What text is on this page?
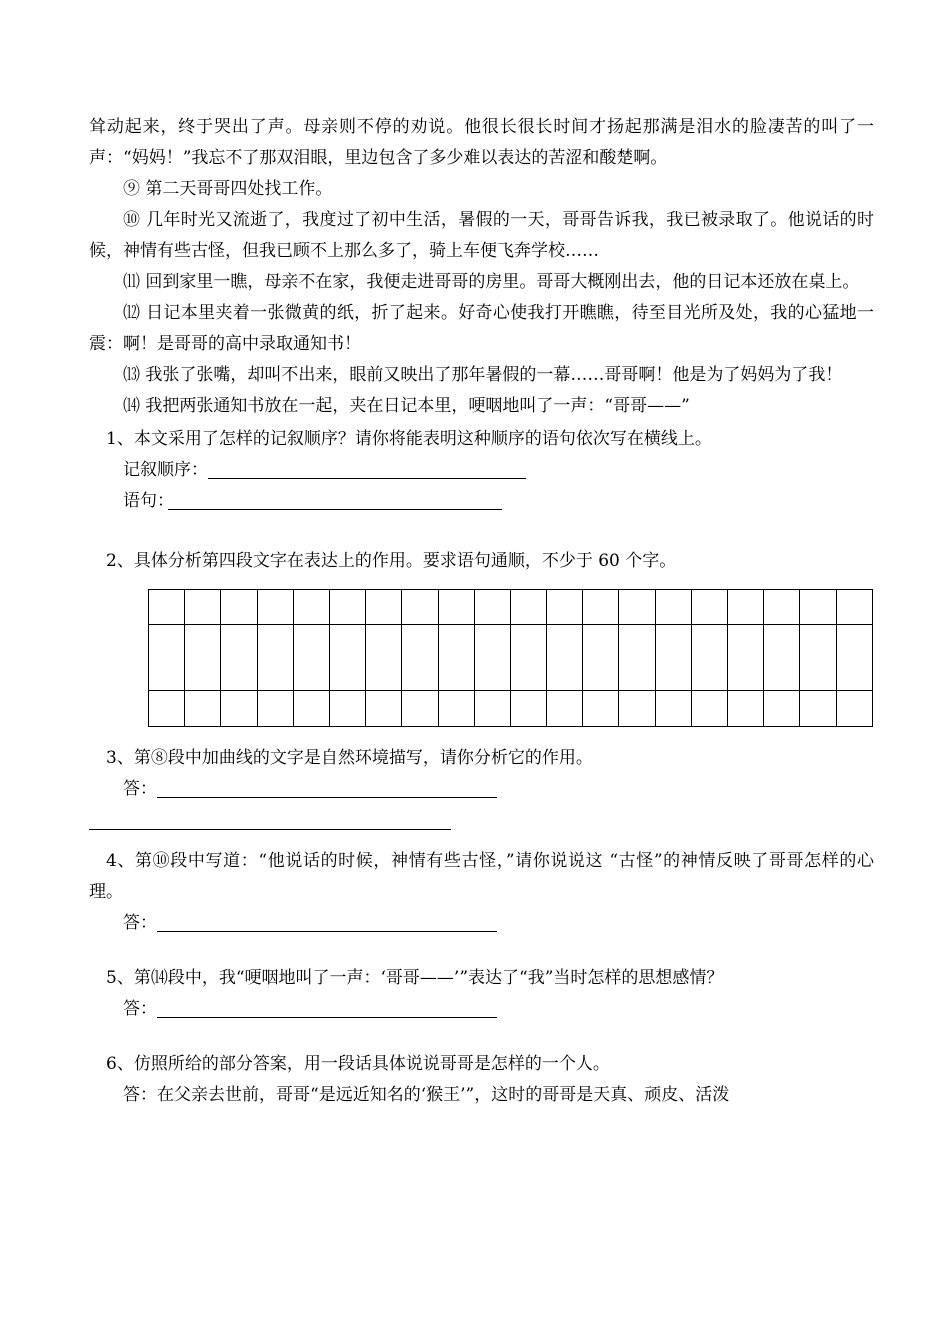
耸动起来，终于哭出了声。母亲则不停的劝说。他很长很长时间才扬起那满是泪水的脸凄苦的叫了一声：“妈妈！”我忘不了那双泪眼，里边包含了多少难以表达的苦涩和酸楚啊。

⑨ 第二天哥哥四处找工作。

⑩ 几年时光又流逝了，我度过了初中生活，暑假的一天，哥哥告诉我，我已被录取了。他说话的时候，神情有些古怪，但我已顾不上那么多了，骑上车便飞奔学校……

⑾ 回到家里一瞧，母亲不在家，我便走进哥哥的房里。哥哥大概刚出去，他的日记本还放在桌上。

⑿ 日记本里夹着一张微黄的纸，折了起来。好奇心使我打开瞧瞧，待至目光所及处，我的心猛地一震：啊！是哥哥的高中录取通知书！

⒀ 我张了张嘴，却叫不出来，眼前又映出了那年暑假的一幕……哥哥啊！他是为了妈妈为了我！

⒁ 我把两张通知书放在一起，夹在日记本里，哽咽地叫了一声：“哥哥——”

1、本文采用了怎样的记叙顺序？请你将能表明这种顺序的语句依次写在横线上。

记叙顺序：
语句：

2、具体分析第四段文字在表达上的作用。要求语句通顺，不少于 60 个字。

3、第⑧段中加曲线的文字是自然环境描写，请你分析它的作用。

答：

4、第⑩段中写道：“他说话的时候，神情有些古怪，”请你说说这 “古怪”的神情反映了哥哥怎样的心理。

答：

5、第⒁段中，我“哽咽地叫了一声：‘哥哥——’”表达了“我”当时怎样的思想感情？

答：

6、仿照所给的部分答案，用一段话具体说说哥哥是怎样的一个人。

答：在父亲去世前，哥哥“是远近知名的‘猴王’”，这时的哥哥是天真、顽皮、活泼
